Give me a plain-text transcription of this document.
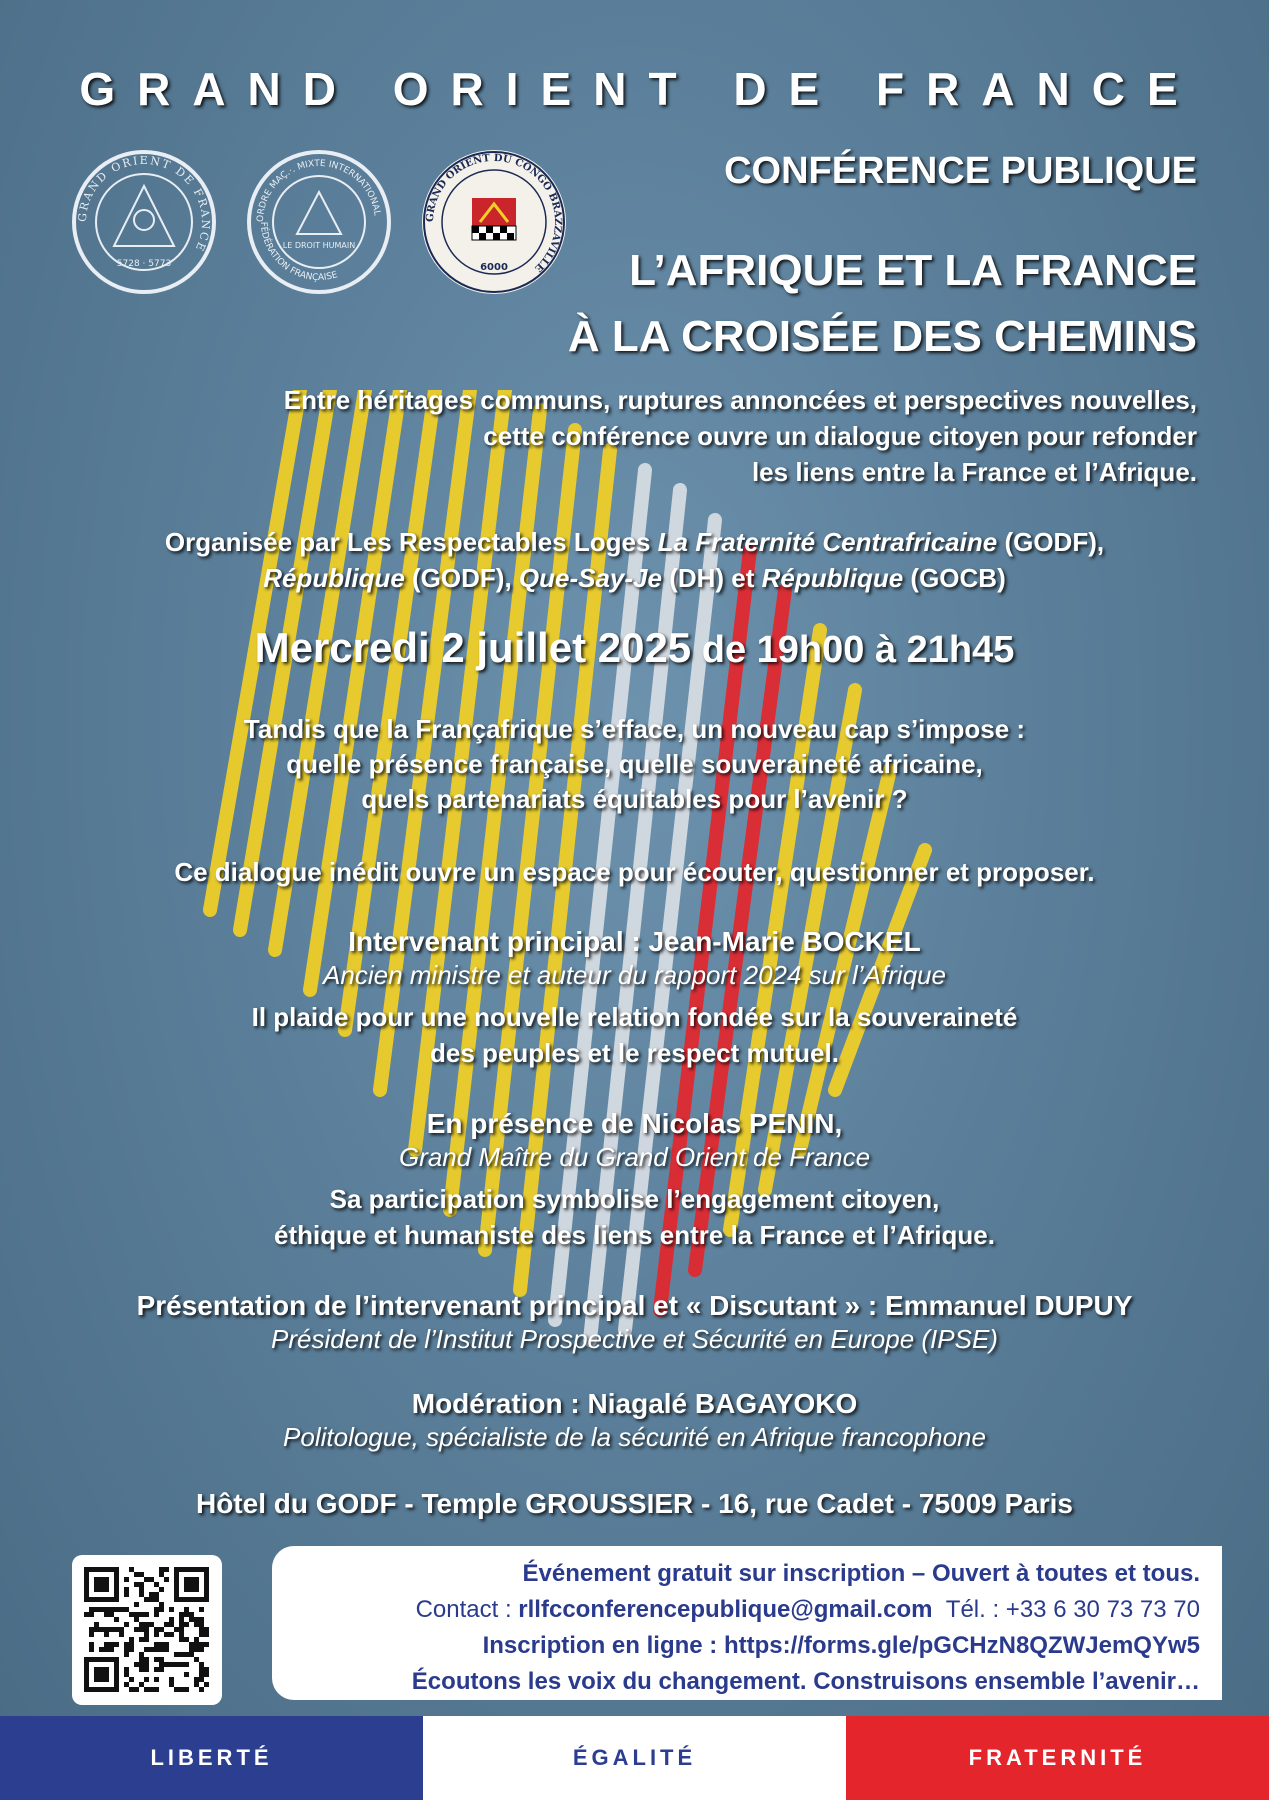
GRAND ORIENT DE FRANCE
GRAND ORIENT DE FRANCE
5728 · 5773
ORDRE MAÇ.·. MIXTE INTERNATIONAL
FÉDÉRATION FRANÇAISE
LE DROIT HUMAIN
GRAND ORIENT DU CONGO BRAZZAVILLE
6000
CONFÉRENCE PUBLIQUE
L’AFRIQUE ET LA FRANCE
À LA CROISÉE DES CHEMINS
Entre héritages communs, ruptures annoncées et perspectives nouvelles,
cette conférence ouvre un dialogue citoyen pour refonder
les liens entre la France et l’Afrique.
Organisée par Les Respectables Loges La Fraternité Centrafricaine (GODF),
République (GODF), Que-Say-Je (DH) et République (GOCB)
Mercredi 2 juillet 2025 de 19h00 à 21h45
Tandis que la Françafrique s’efface, un nouveau cap s’impose :
quelle présence française, quelle souveraineté africaine,
quels partenariats équitables pour l’avenir ?
Ce dialogue inédit ouvre un espace pour écouter, questionner et proposer.
Intervenant principal : Jean-Marie BOCKEL
Ancien ministre et auteur du rapport 2024 sur l’Afrique
Il plaide pour une nouvelle relation fondée sur la souveraineté
des peuples et le respect mutuel.
En présence de Nicolas PENIN,
Grand Maître du Grand Orient de France
Sa participation symbolise l’engagement citoyen,
éthique et humaniste des liens entre la France et l’Afrique.
Présentation de l’intervenant principal et « Discutant » : Emmanuel DUPUY
Président de l’Institut Prospective et Sécurité en Europe (IPSE)
Modération : Niagalé BAGAYOKO
Politologue, spécialiste de la sécurité en Afrique francophone
Hôtel du GODF - Temple GROUSSIER - 16, rue Cadet - 75009 Paris
Événement gratuit sur inscription – Ouvert à toutes et tous.
Contact : rllfcconferencepublique@gmail.com Tél. : +33 6 30 73 73 70
Inscription en ligne : https://forms.gle/pGCHzN8QZWJemQYw5
Écoutons les voix du changement. Construisons ensemble l’avenir…
LIBERTÉ	ÉGALITÉ	FRATERNITÉ
